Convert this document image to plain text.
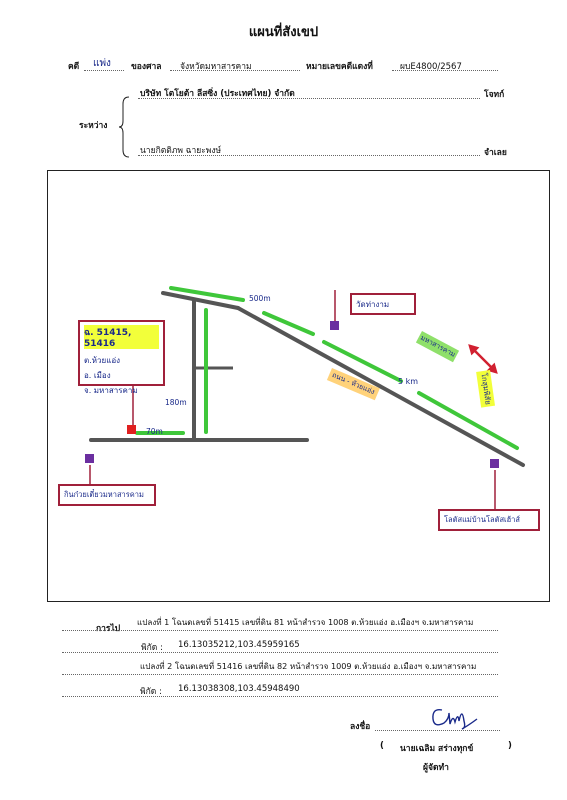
แผนที่สังเขป
คดี แพ่ง ของศาล จังหวัดมหาสารคาม	หมายเลขคดีแดงที่	ผบE4800/2567
บริษัท โตโยต้า ลีสซิ่ง (ประเทศไทย) จำกัด	โจทก์
ระหว่าง
นายกิตติภพ ฉายะพงษ์	จำเลย
ฉ. 51415, 51416
ต.ห้วยแอ่ง
อ. เมือง
จ. มหาสารคาม
วัดท่างาม
มหาสารคาม
โกสุมพิสัย
ถนน - ห้วยแอ่ง
500m
180m
70m
5 km
กินก๋วยเตี๋ยวมหาสารคาม
โลตัสแม่บ้านโลตัสเฮ้าส์
การไป
แปลงที่ 1 โฉนดเลขที่ 51415 เลขที่ดิน 81 หน้าสำรวจ 1008 ต.ห้วยแอ่ง อ.เมืองฯ จ.มหาสารคาม
พิกัด : 16.13035212,103.45959165
แปลงที่ 2 โฉนดเลขที่ 51416 เลขที่ดิน 82 หน้าสำรวจ 1009 ต.ห้วยแอ่ง อ.เมืองฯ จ.มหาสารคาม
พิกัด : 16.13038308,103.45948490
ลงชื่อ
( นายเฉลิม สร่างทุกข์	)
ผู้จัดทำ
